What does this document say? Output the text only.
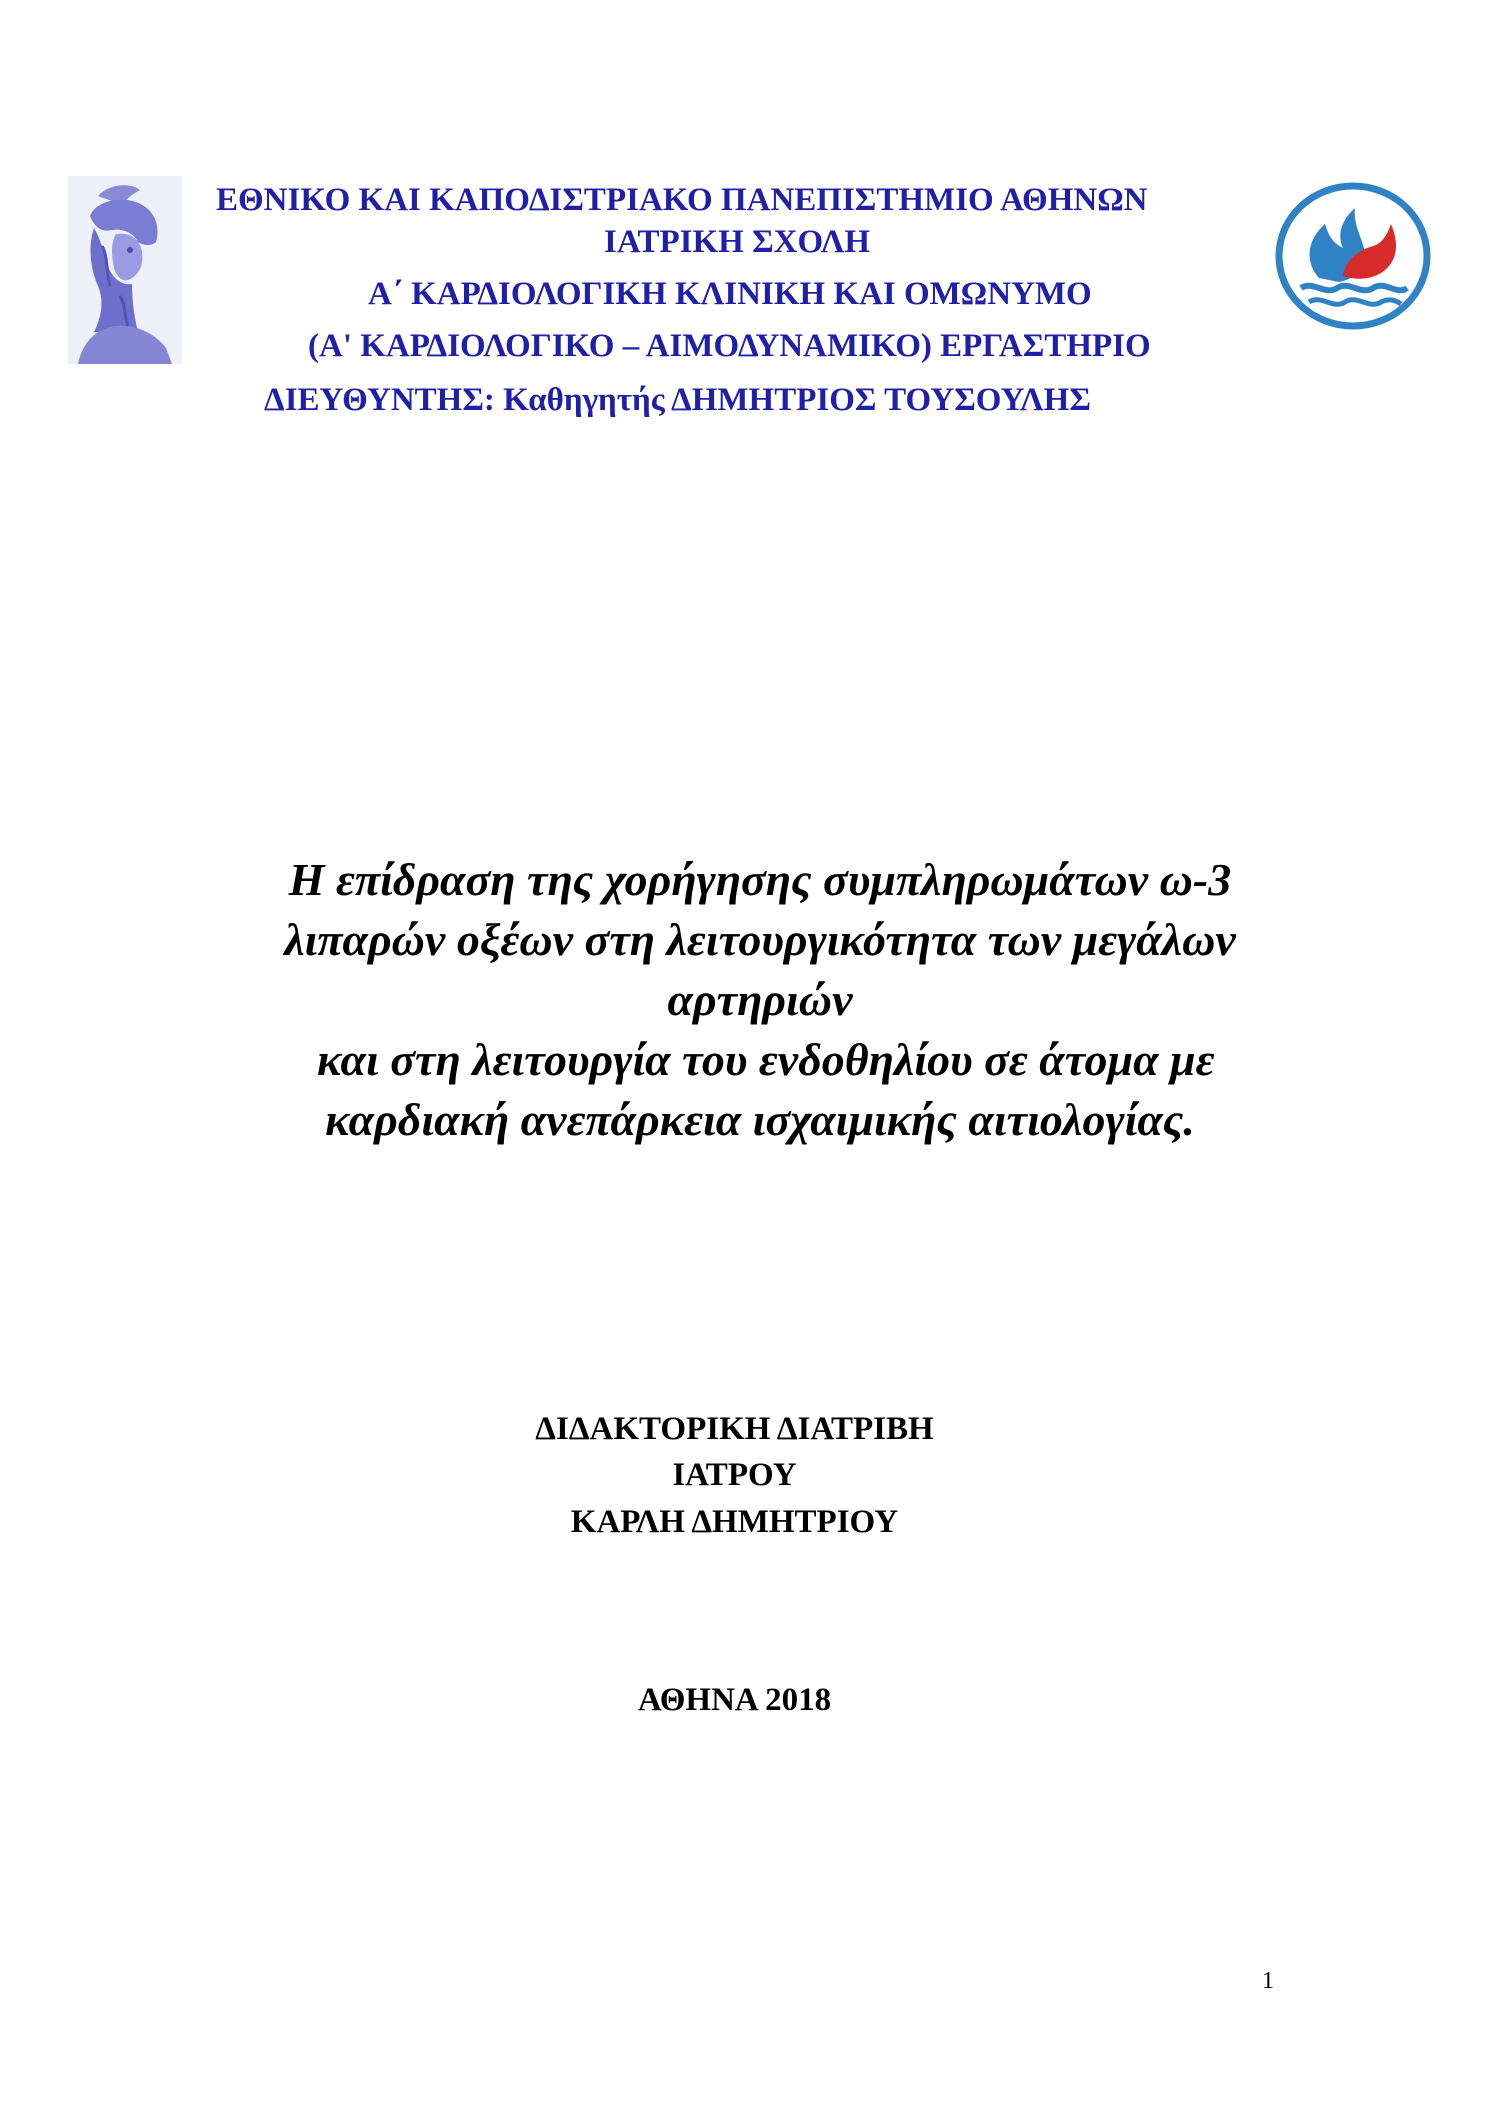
ΕΘΝΙΚΟ ΚΑΙ ΚΑΠΟΔΙΣΤΡΙΑΚΟ ΠΑΝΕΠΙΣΤΗΜΙΟ ΑΘΗΝΩΝ
ΙΑΤΡΙΚΗ ΣΧΟΛΗ
Α΄ ΚΑΡΔΙΟΛΟΓΙΚΗ ΚΛΙΝΙΚΗ ΚΑΙ ΟΜΩΝΥΜΟ
(Α' ΚΑΡΔΙΟΛΟΓΙΚΟ – ΑΙΜΟΔΥΝΑΜΙΚΟ) ΕΡΓΑΣΤΗΡΙΟ
ΔΙΕΥΘΥΝΤΗΣ: Καθηγητής ΔΗΜΗΤΡΙΟΣ ΤΟΥΣΟΥΛΗΣ
Η επίδραση της χορήγησης συμπληρωμάτων ω-3
λιπαρών οξέων στη λειτουργικότητα των μεγάλων
αρτηριών
και στη λειτουργία του ενδοθηλίου σε άτομα με
καρδιακή ανεπάρκεια ισχαιμικής αιτιολογίας.
ΔΙΔΑΚΤΟΡΙΚΗ ΔΙΑΤΡΙΒΗ
ΙΑΤΡΟΥ
ΚΑΡΛΗ ΔΗΜΗΤΡΙΟΥ
ΑΘΗΝΑ 2018
1
